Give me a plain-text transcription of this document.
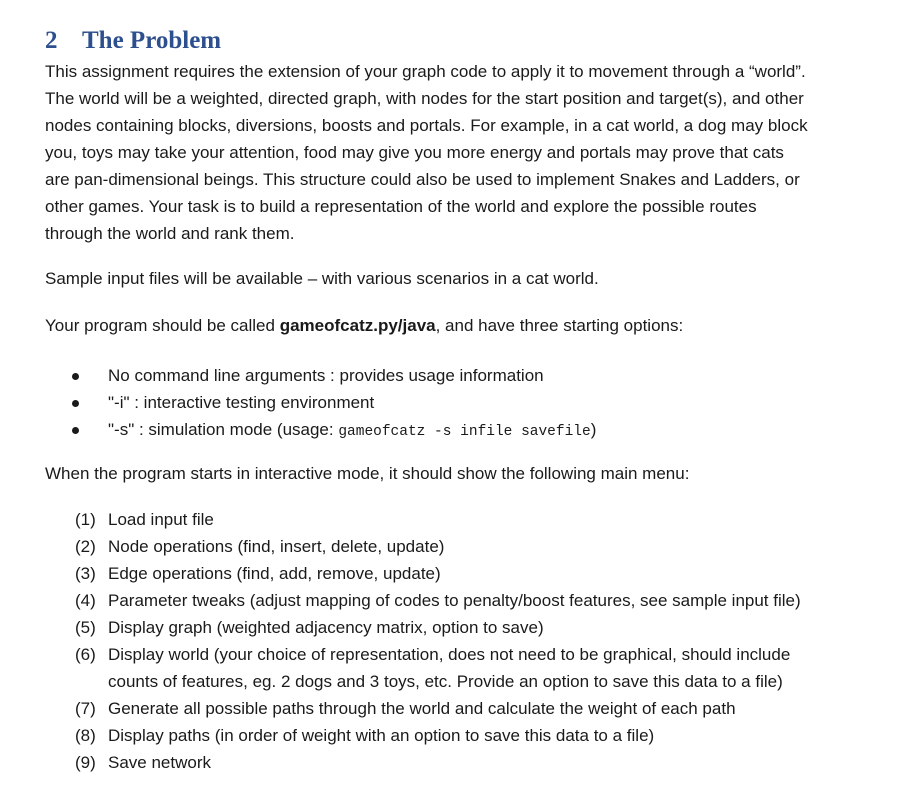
2 The Problem
This assignment requires the extension of your graph code to apply it to movement through a “world”.
The world will be a weighted, directed graph, with nodes for the start position and target(s), and other
nodes containing blocks, diversions, boosts and portals. For example, in a cat world, a dog may block
you, toys may take your attention, food may give you more energy and portals may prove that cats
are pan-dimensional beings. This structure could also be used to implement Snakes and Ladders, or
other games. Your task is to build a representation of the world and explore the possible routes
through the world and rank them.
Sample input files will be available – with various scenarios in a cat world.
Your program should be called gameofcatz.py/java, and have three starting options:
No command line arguments : provides usage information
"-i" : interactive testing environment
"-s" : simulation mode (usage: gameofcatz -s infile savefile)
When the program starts in interactive mode, it should show the following main menu:
(1) Load input file
(2) Node operations (find, insert, delete, update)
(3) Edge operations (find, add, remove, update)
(4) Parameter tweaks (adjust mapping of codes to penalty/boost features, see sample input file)
(5) Display graph (weighted adjacency matrix, option to save)
(6) Display world (your choice of representation, does not need to be graphical, should include
counts of features, eg. 2 dogs and 3 toys, etc. Provide an option to save this data to a file)
(7) Generate all possible paths through the world and calculate the weight of each path
(8) Display paths (in order of weight with an option to save this data to a file)
(9) Save network
